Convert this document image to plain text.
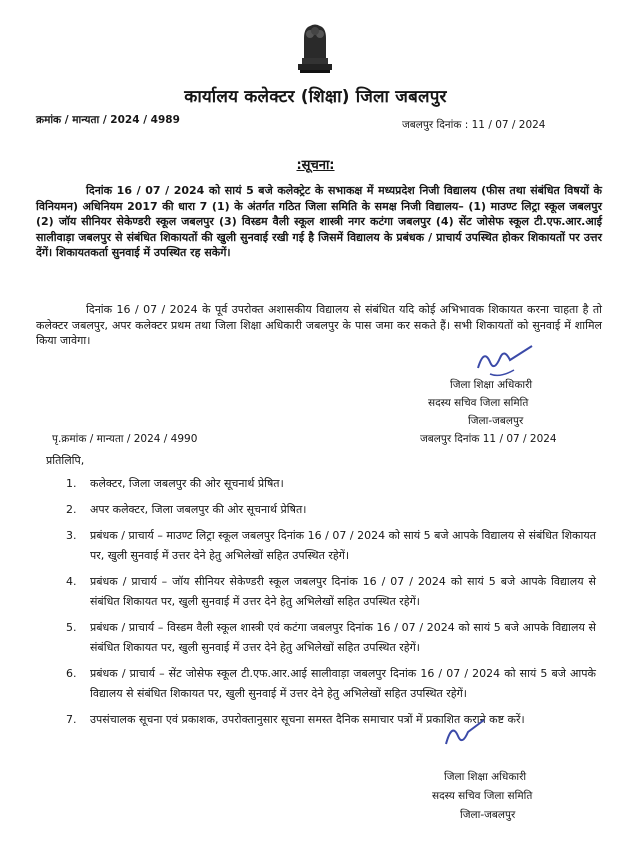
कार्यालय कलेक्टर (शिक्षा) जिला जबलपुर
क्रमांक / मान्यता / 2024 / 4989	जबलपुर दिनांक : 11 / 07 / 2024
:सूचना:
दिनांक 16 / 07 / 2024 को सायं 5 बजे कलेक्ट्रेट के सभाकक्ष में मध्यप्रदेश निजी विद्यालय (फीस तथा संबंधित विषयों के विनियमन) अधिनियम 2017 की धारा 7 (1) के अंतर्गत गठित जिला समिति के समक्ष निजी विद्यालय– (1) माउण्ट लिट्रा स्कूल जबलपुर (2) जॉय सीनियर सेकेण्डरी स्कूल जबलपुर (3) विस्डम वैली स्कूल शास्त्री नगर कटंगा जबलपुर (4) सेंट जोसेफ स्कूल टी.एफ.आर.आई सालीवाड़ा जबलपुर से संबंधित शिकायतों की खुली सुनवाई रखी गई है जिसमें विद्यालय के प्रबंधक / प्राचार्य उपस्थित होकर शिकायतों पर उत्तर देंगें। शिकायतकर्ता सुनवाई में उपस्थित रह सकेगें।
दिनांक 16 / 07 / 2024 के पूर्व उपरोक्त अशासकीय विद्यालय से संबंधित यदि कोई अभिभावक शिकायत करना चाहता है तो कलेक्टर जबलपुर, अपर कलेक्टर प्रथम तथा जिला शिक्षा अधिकारी जबलपुर के पास जमा कर सकते हैं। सभी शिकायतों को सुनवाई में शामिल किया जावेगा।
जिला शिक्षा अधिकारी
सदस्य सचिव जिला समिति
जिला-जबलपुर
जबलपुर दिनांक 11 / 07 / 2024
पृ.क्रमांक / मान्यता / 2024 / 4990
प्रतिलिपि,
1. कलेक्टर, जिला जबलपुर की ओर सूचनार्थ प्रेषित।
2. अपर कलेक्टर, जिला जबलपुर की ओर सूचनार्थ प्रेषित।
3. प्रबंधक / प्राचार्य – माउण्ट लिट्रा स्कूल जबलपुर दिनांक 16 / 07 / 2024 को सायं 5 बजे आपके विद्यालय से संबंधित शिकायत पर, खुली सुनवाई में उत्तर देने हेतु अभिलेखों सहित उपस्थित रहेगें।
4. प्रबंधक / प्राचार्य – जॉय सीनियर सेकेण्डरी स्कूल जबलपुर दिनांक 16 / 07 / 2024 को सायं 5 बजे आपके विद्यालय से संबंधित शिकायत पर, खुली सुनवाई में उत्तर देने हेतु अभिलेखों सहित उपस्थित रहेगें।
5. प्रबंधक / प्राचार्य – विस्डम वैली स्कूल शास्त्री एवं कटंगा जबलपुर दिनांक 16 / 07 / 2024 को सायं 5 बजे आपके विद्यालय से संबंधित शिकायत पर, खुली सुनवाई में उत्तर देने हेतु अभिलेखों सहित उपस्थित रहेगें।
6. प्रबंधक / प्राचार्य – सेंट जोसेफ स्कूल टी.एफ.आर.आई सालीवाड़ा जबलपुर दिनांक 16 / 07 / 2024 को सायं 5 बजे आपके विद्यालय से संबंधित शिकायत पर, खुली सुनवाई में उत्तर देने हेतु अभिलेखों सहित उपस्थित रहेगें।
7. उपसंचालक सूचना एवं प्रकाशक, उपरोक्तानुसार सूचना समस्त दैनिक समाचार पत्रों में प्रकाशित कराने कष्ट करें।
जिला शिक्षा अधिकारी
सदस्य सचिव जिला समिति
जिला-जबलपुर
